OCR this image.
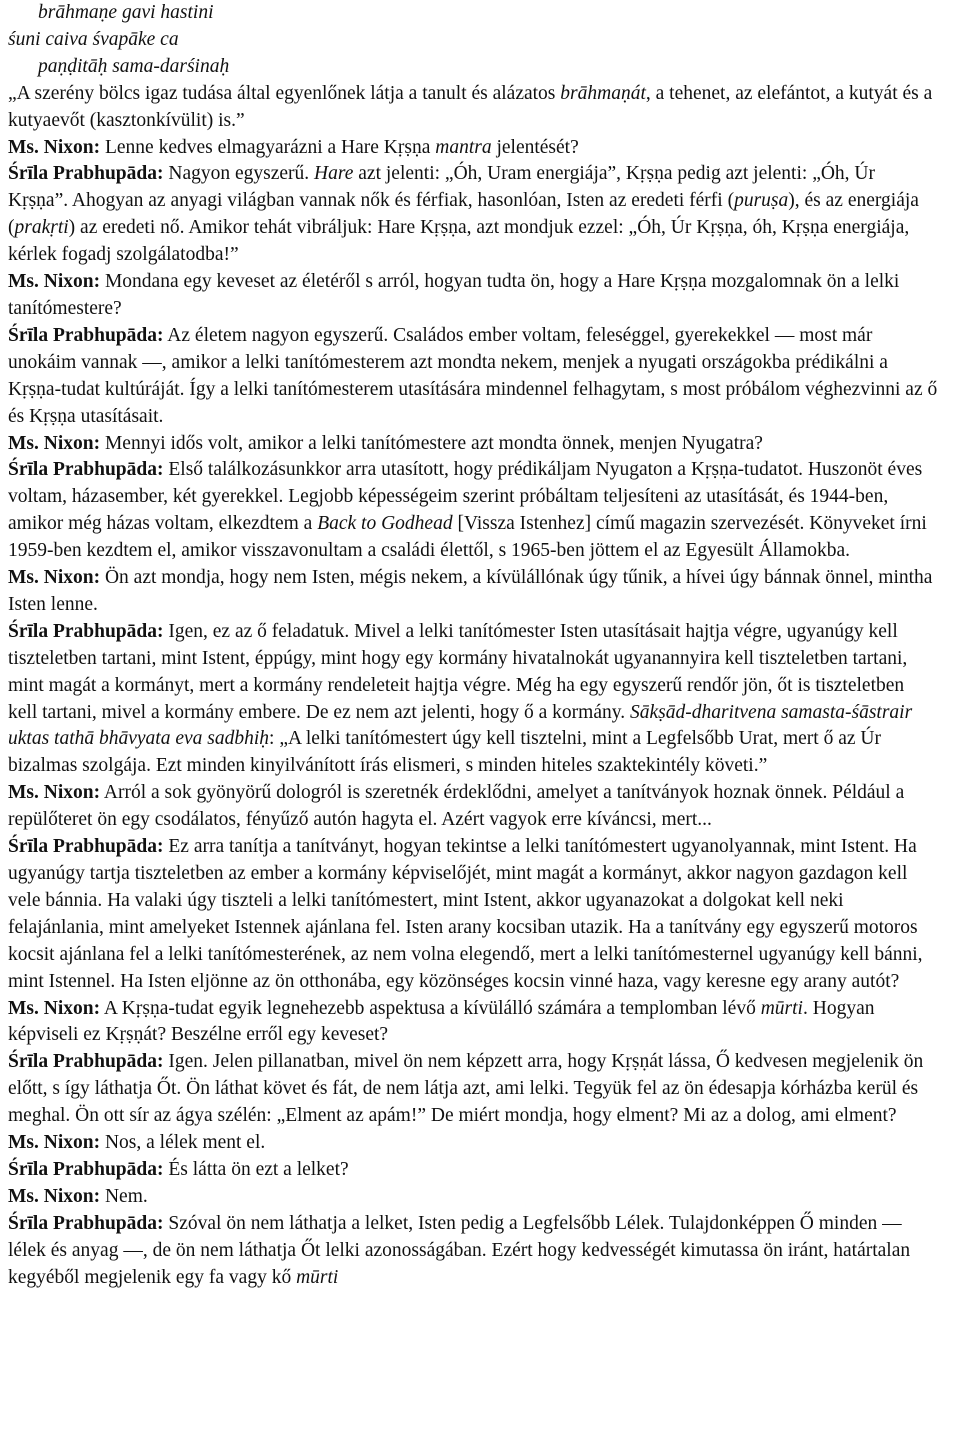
brāhmaṇe gavi hastini
śuni caiva śvapāke ca
paṇḍitāḥ sama-darśinaḥ

„A szerény bölcs igaz tudása által egyenlőnek látja a tanult és alázatos brāhmaṇát, a tehenet, az elefántot, a kutyát és a kutyaevőt (kasztonkívülit) is.”

Ms. Nixon: Lenne kedves elmagyarázni a Hare Kṛṣṇa mantra jelentését?

Śrīla Prabhupāda: Nagyon egyszerű. Hare azt jelenti: „Óh, Uram energiája”, Kṛṣṇa pedig azt jelenti: „Óh, Úr Kṛṣṇa”. Ahogyan az anyagi világban vannak nők és férfiak, hasonlóan, Isten az eredeti férfi (puruṣa), és az energiája (prakṛti) az eredeti nő. Amikor tehát vibráljuk: Hare Kṛṣṇa, azt mondjuk ezzel: „Óh, Úr Kṛṣṇa, óh, Kṛṣṇa energiája, kérlek fogadj szolgálatodba!”

Ms. Nixon: Mondana egy keveset az életéről s arról, hogyan tudta ön, hogy a Hare Kṛṣṇa mozgalomnak ön a lelki tanítómestere?

Śrīla Prabhupāda: Az életem nagyon egyszerű. Családos ember voltam, feleséggel, gyerekekkel — most már unokáim vannak —, amikor a lelki tanítómesterem azt mondta nekem, menjek a nyugati országokba prédikálni a Kṛṣṇa-tudat kultúráját. Így a lelki tanítómesterem utasítására mindennel felhagytam, s most próbálom véghezvinni az ő és Kṛṣṇa utasításait.

Ms. Nixon: Mennyi idős volt, amikor a lelki tanítómestere azt mondta önnek, menjen Nyugatra?

Śrīla Prabhupāda: Első találkozásunkkor arra utasított, hogy prédikáljam Nyugaton a Kṛṣṇa-tudatot. Huszonöt éves voltam, házasember, két gyerekkel. Legjobb képességeim szerint próbáltam teljesíteni az utasítását, és 1944-ben, amikor még házas voltam, elkezdtem a Back to Godhead [Vissza Istenhez] című magazin szervezését. Könyveket írni 1959-ben kezdtem el, amikor visszavonultam a családi élettől, s 1965-ben jöttem el az Egyesült Államokba.

Ms. Nixon: Ön azt mondja, hogy nem Isten, mégis nekem, a kívülállónak úgy tűnik, a hívei úgy bánnak önnel, mintha Isten lenne.

Śrīla Prabhupāda: Igen, ez az ő feladatuk. Mivel a lelki tanítómester Isten utasításait hajtja végre, ugyanúgy kell tiszteletben tartani, mint Istent, éppúgy, mint hogy egy kormány hivatalnokát ugyanannyira kell tiszteletben tartani, mint magát a kormányt, mert a kormány rendeleteit hajtja végre. Még ha egy egyszerű rendőr jön, őt is tiszteletben kell tartani, mivel a kormány embere. De ez nem azt jelenti, hogy ő a kormány. Sākṣād-dharitvena samasta-śāstrair uktas tathā bhāvyata eva sadbhiḥ: „A lelki tanítómestert úgy kell tisztelni, mint a Legfelsőbb Urat, mert ő az Úr bizalmas szolgája. Ezt minden kinyilvánított írás elismeri, s minden hiteles szaktekintély követi.”

Ms. Nixon: Arról a sok gyönyörű dologról is szeretnék érdeklődni, amelyet a tanítványok hoznak önnek. Például a repülőteret ön egy csodálatos, fényűző autón hagyta el. Azért vagyok erre kíváncsi, mert...

Śrīla Prabhupāda: Ez arra tanítja a tanítványt, hogyan tekintse a lelki tanítómestert ugyanolyannak, mint Istent. Ha ugyanúgy tartja tiszteletben az ember a kormány képviselőjét, mint magát a kormányt, akkor nagyon gazdagon kell vele bánnia. Ha valaki úgy tiszteli a lelki tanítómestert, mint Istent, akkor ugyanazokat a dolgokat kell neki felajánlania, mint amelyeket Istennek ajánlana fel. Isten arany kocsiban utazik. Ha a tanítvány egy egyszerű motoros kocsit ajánlana fel a lelki tanítómesterének, az nem volna elegendő, mert a lelki tanítómesternel ugyanúgy kell bánni, mint Istennel. Ha Isten eljönne az ön otthonába, egy közönséges kocsin vinné haza, vagy keresne egy arany autót?

Ms. Nixon: A Kṛṣṇa-tudat egyik legnehezebb aspektusa a kívülálló számára a templomban lévő mūrti. Hogyan képviseli ez Kṛṣṇát? Beszélne erről egy keveset?

Śrīla Prabhupāda: Igen. Jelen pillanatban, mivel ön nem képzett arra, hogy Kṛṣṇát lássa, Ő kedvesen megjelenik ön előtt, s így láthatja Őt. Ön láthat követ és fát, de nem látja azt, ami lelki. Tegyük fel az ön édesapja kórházba kerül és meghal. Ön ott sír az ágya szélén: „Elment az apám!” De miért mondja, hogy elment? Mi az a dolog, ami elment?

Ms. Nixon: Nos, a lélek ment el.

Śrīla Prabhupāda: És látta ön ezt a lelket?

Ms. Nixon: Nem.

Śrīla Prabhupāda: Szóval ön nem láthatja a lelket, Isten pedig a Legfelsőbb Lélek. Tulajdonképpen Ő minden — lélek és anyag —, de ön nem láthatja Őt lelki azonosságában. Ezért hogy kedvességét kimutassa ön iránt, határtalan kegyéből megjelenik egy fa vagy kő mūrti
